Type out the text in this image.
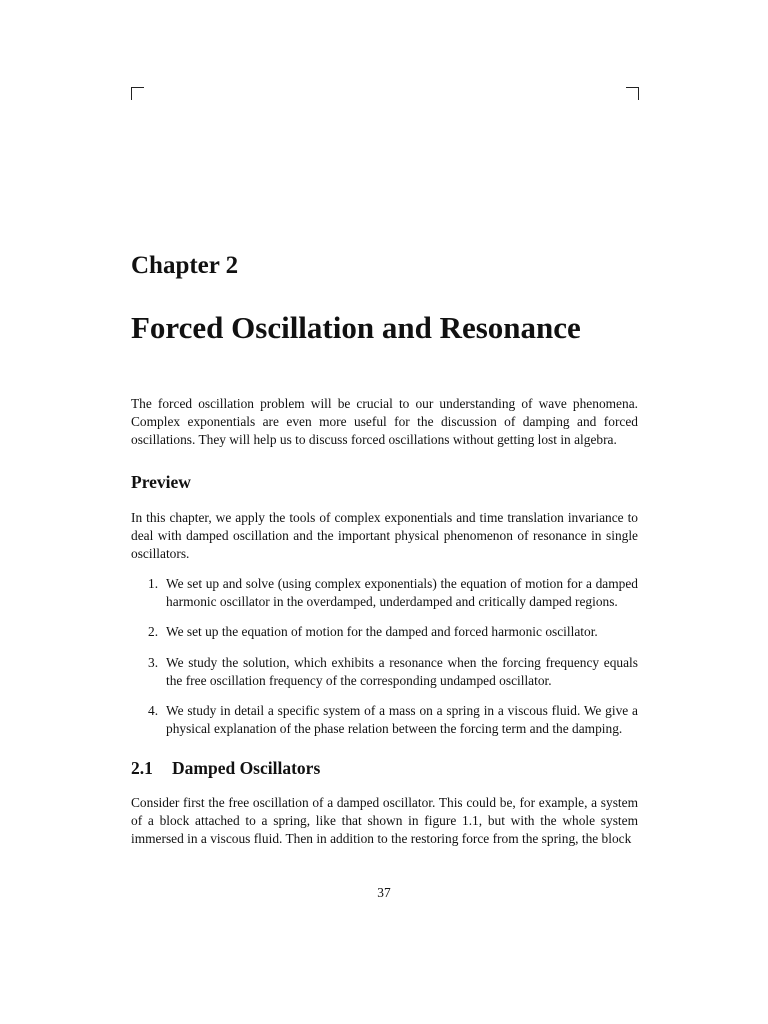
Chapter 2
Forced Oscillation and Resonance

The forced oscillation problem will be crucial to our understanding of wave phenomena. Complex exponentials are even more useful for the discussion of damping and forced oscillations. They will help us to discuss forced oscillations without getting lost in algebra.

Preview

In this chapter, we apply the tools of complex exponentials and time translation invariance to deal with damped oscillation and the important physical phenomenon of resonance in single oscillators.

1. We set up and solve (using complex exponentials) the equation of motion for a damped harmonic oscillator in the overdamped, underdamped and critically damped regions.
2. We set up the equation of motion for the damped and forced harmonic oscillator.
3. We study the solution, which exhibits a resonance when the forcing frequency equals the free oscillation frequency of the corresponding undamped oscillator.
4. We study in detail a specific system of a mass on a spring in a viscous fluid. We give a physical explanation of the phase relation between the forcing term and the damping.
2.1 Damped Oscillators

Consider first the free oscillation of a damped oscillator. This could be, for example, a system of a block attached to a spring, like that shown in figure 1.1, but with the whole system immersed in a viscous fluid. Then in addition to the restoring force from the spring, the block

37
